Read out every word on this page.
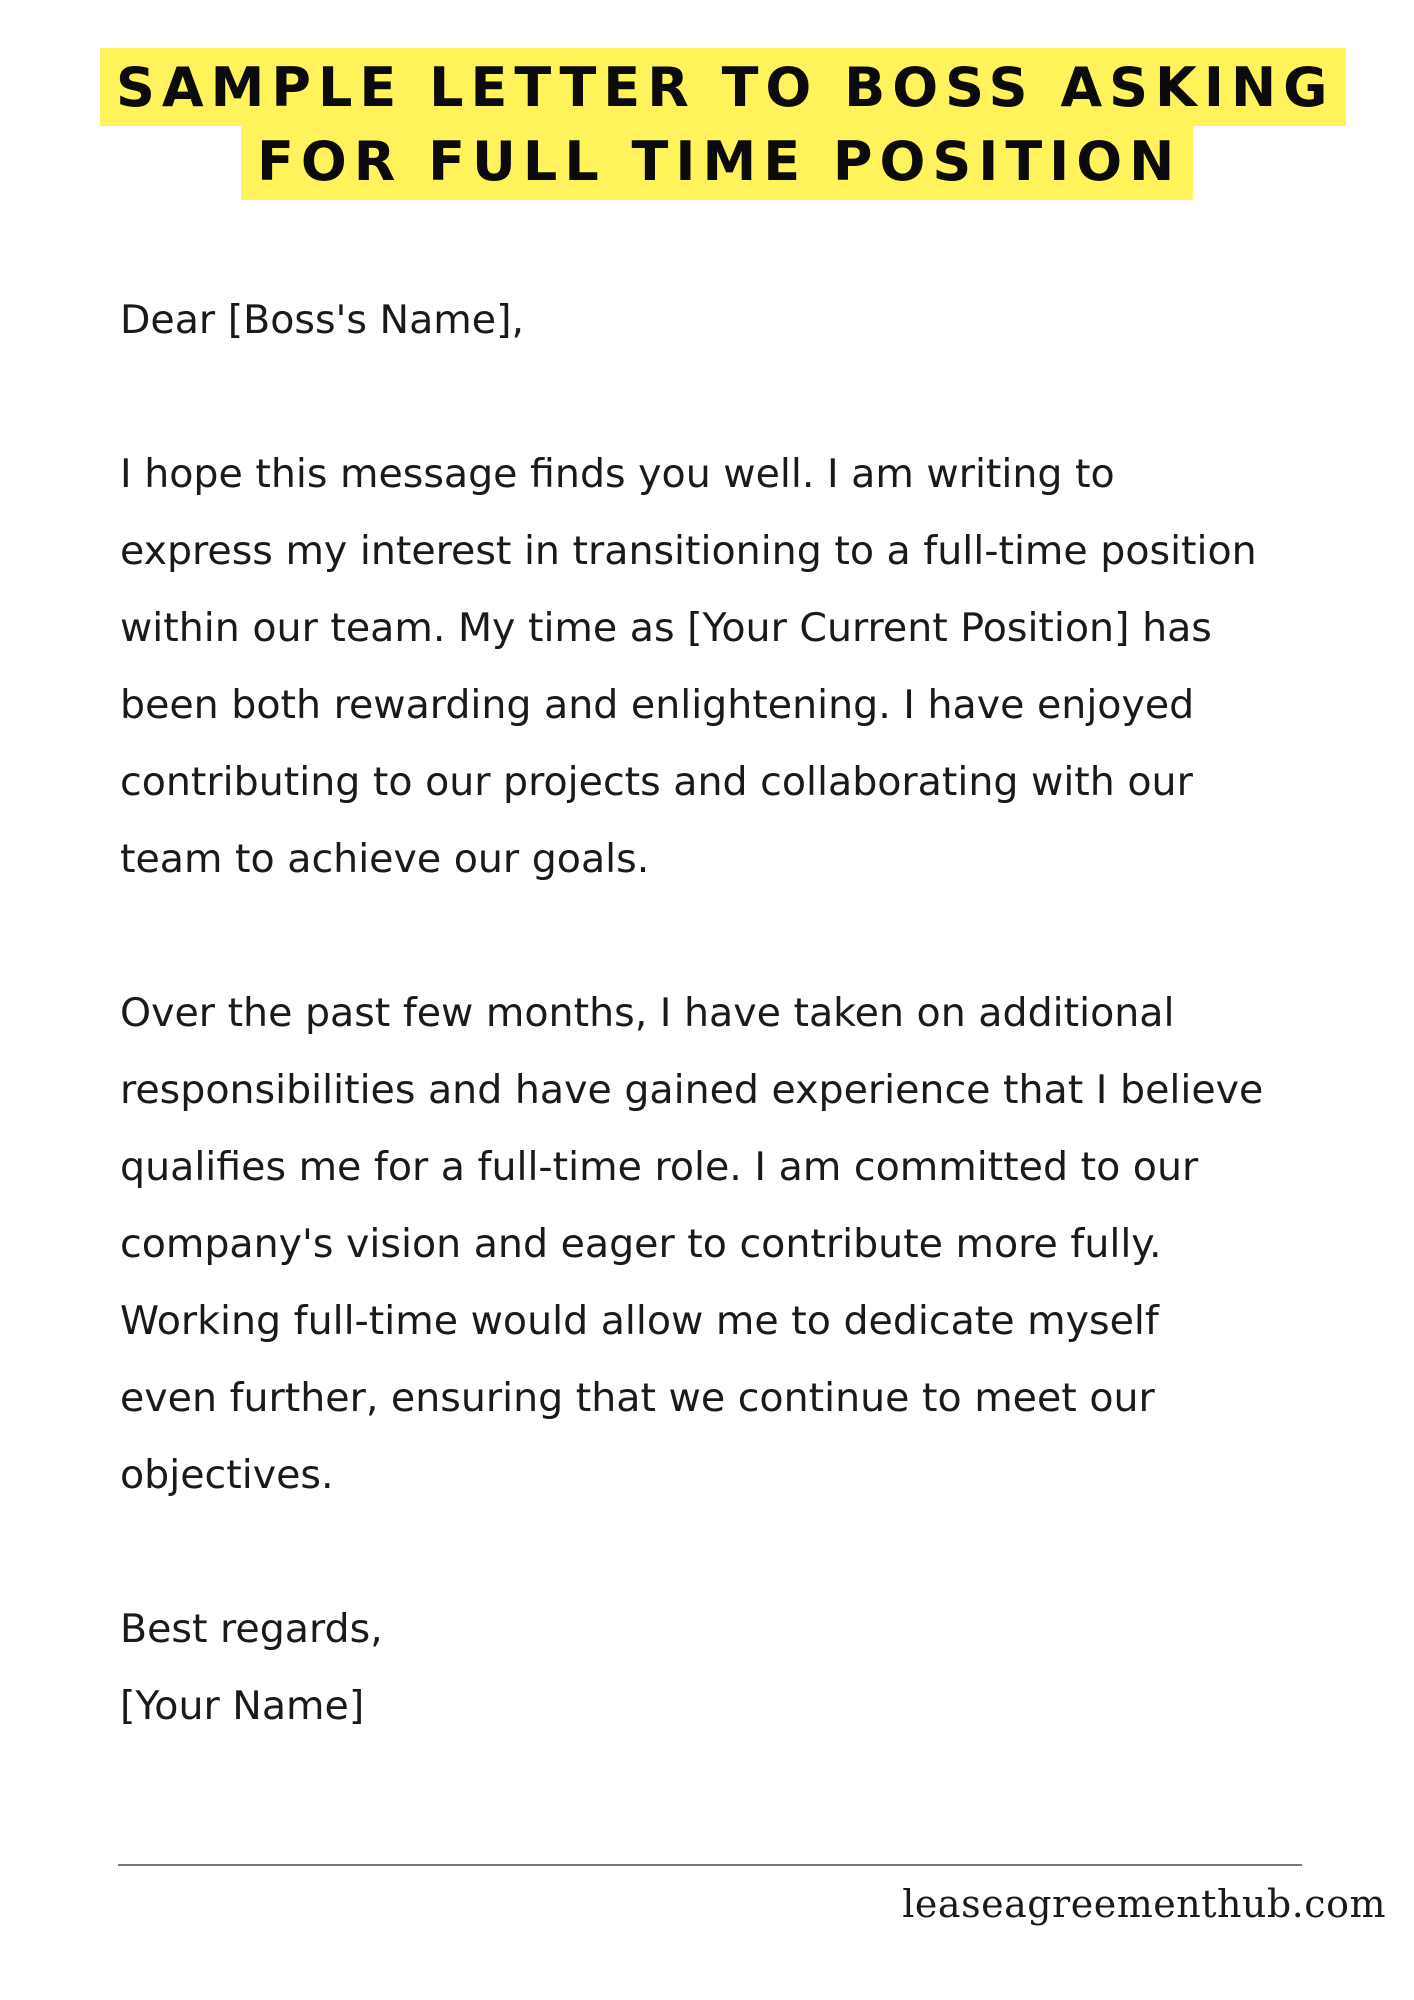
SAMPLE LETTER TO BOSS ASKING
FOR FULL TIME POSITION

Dear [Boss's Name],

I hope this message finds you well. I am writing to

express my interest in transitioning to a full-time position

within our team. My time as [Your Current Position] has

been both rewarding and enlightening. I have enjoyed

contributing to our projects and collaborating with our

team to achieve our goals.

Over the past few months, I have taken on additional

responsibilities and have gained experience that I believe

qualifies me for a full-time role. I am committed to our

company's vision and eager to contribute more fully.

Working full-time would allow me to dedicate myself

even further, ensuring that we continue to meet our

objectives.

Best regards,

[Your Name]

leaseagreementhub.com
